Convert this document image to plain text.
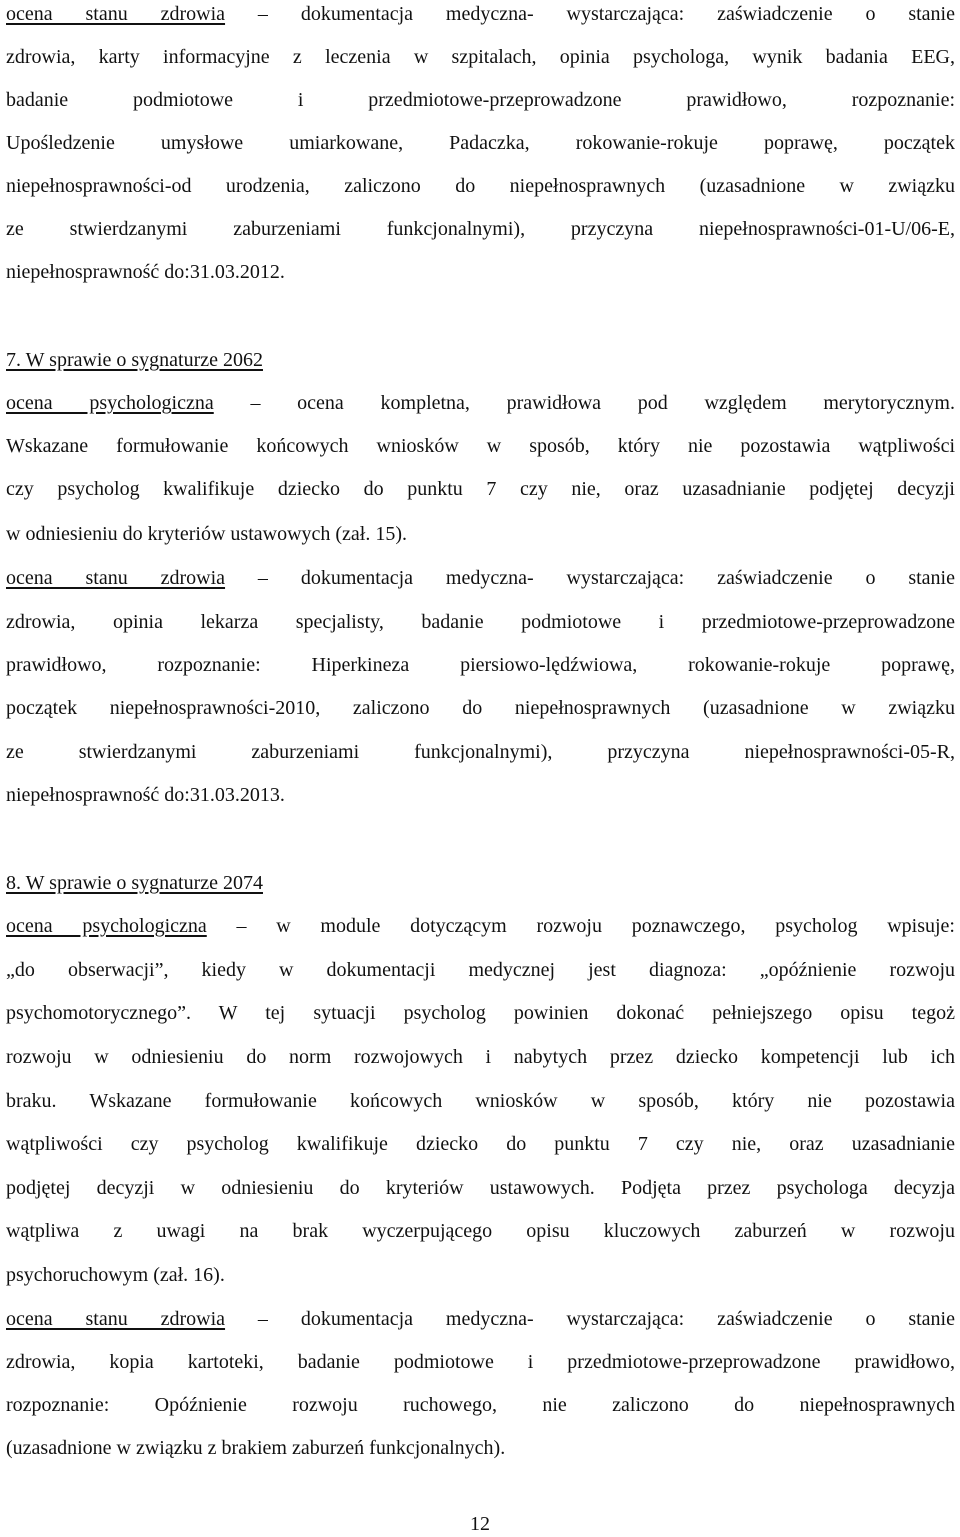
ocena stanu zdrowia – dokumentacja medyczna- wystarczająca: zaświadczenie o stanie
zdrowia, karty informacyjne z leczenia w szpitalach, opinia psychologa, wynik badania EEG,
badanie podmiotowe i przedmiotowe-przeprowadzone prawidłowo, rozpoznanie:
Upośledzenie umysłowe umiarkowane, Padaczka, rokowanie-rokuje poprawę, początek
niepełnosprawności-od urodzenia, zaliczono do niepełnosprawnych (uzasadnione w związku
ze stwierdzanymi zaburzeniami funkcjonalnymi), przyczyna niepełnosprawności-01-U/06-E,
niepełnosprawność do:31.03.2012.
7. W sprawie o sygnaturze 2062
ocena psychologiczna – ocena kompletna, prawidłowa pod względem merytorycznym.
Wskazane formułowanie końcowych wniosków w sposób, który nie pozostawia wątpliwości
czy psycholog kwalifikuje dziecko do punktu 7 czy nie, oraz uzasadnianie podjętej decyzji
w odniesieniu do kryteriów ustawowych (zał. 15).
ocena stanu zdrowia – dokumentacja medyczna- wystarczająca: zaświadczenie o stanie
zdrowia, opinia lekarza specjalisty, badanie podmiotowe i przedmiotowe-przeprowadzone
prawidłowo, rozpoznanie: Hiperkineza piersiowo-lędźwiowa, rokowanie-rokuje poprawę,
początek niepełnosprawności-2010, zaliczono do niepełnosprawnych (uzasadnione w związku
ze stwierdzanymi zaburzeniami funkcjonalnymi), przyczyna niepełnosprawności-05-R,
niepełnosprawność do:31.03.2013.
8. W sprawie o sygnaturze 2074
ocena psychologiczna – w module dotyczącym rozwoju poznawczego, psycholog wpisuje:
„do obserwacji”, kiedy w dokumentacji medycznej jest diagnoza: „opóźnienie rozwoju
psychomotorycznego”. W tej sytuacji psycholog powinien dokonać pełniejszego opisu tegoż
rozwoju w odniesieniu do norm rozwojowych i nabytych przez dziecko kompetencji lub ich
braku. Wskazane formułowanie końcowych wniosków w sposób, który nie pozostawia
wątpliwości czy psycholog kwalifikuje dziecko do punktu 7 czy nie, oraz uzasadnianie
podjętej decyzji w odniesieniu do kryteriów ustawowych. Podjęta przez psychologa decyzja
wątpliwa z uwagi na brak wyczerpującego opisu kluczowych zaburzeń w rozwoju
psychoruchowym (zał. 16).
ocena stanu zdrowia – dokumentacja medyczna- wystarczająca: zaświadczenie o stanie
zdrowia, kopia kartoteki, badanie podmiotowe i przedmiotowe-przeprowadzone prawidłowo,
rozpoznanie: Opóźnienie rozwoju ruchowego, nie zaliczono do niepełnosprawnych
(uzasadnione w związku z brakiem zaburzeń funkcjonalnych).
12
